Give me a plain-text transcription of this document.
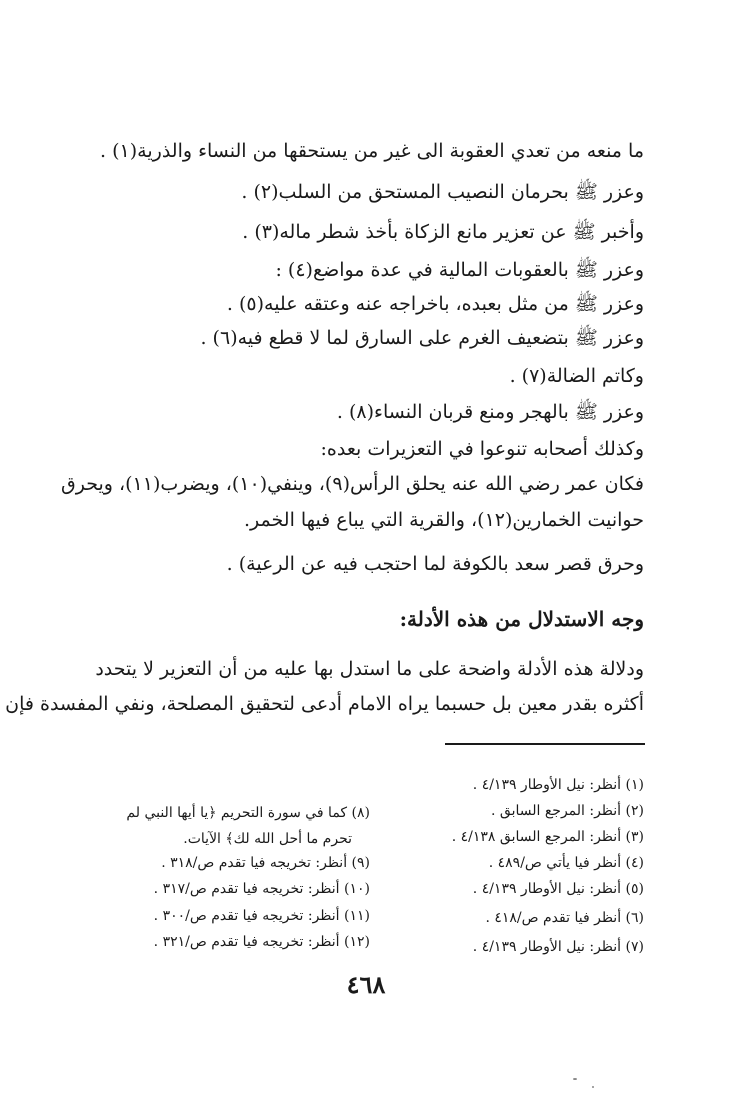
ما منعه من تعدي العقوبة الى غير من يستحقها من النساء والذرية(١) .
وعزر ﷺ بحرمان النصيب المستحق من السلب(٢) .
وأخبر ﷺ عن تعزير مانع الزكاة بأخذ شطر ماله(٣) .
وعزر ﷺ بالعقوبات المالية في عدة مواضع(٤) :
وعزر ﷺ من مثل بعبده، باخراجه عنه وعتقه عليه(٥) .
وعزر ﷺ بتضعيف الغرم على السارق لما لا قطع فيه(٦) .
وكاتم الضالة(٧) .
وعزر ﷺ بالهجر ومنع قربان النساء(٨) .
وكذلك أصحابه تنوعوا في التعزيرات بعده:
فكان عمر رضي الله عنه يحلق الرأس(٩)، وينفي(١٠)، ويضرب(١١)، ويحرق
حوانيت الخمارين(١٢)، والقرية التي يباع فيها الخمر.
وحرق قصر سعد بالكوفة لما احتجب فيه عن الرعية) .
وجه الاستدلال من هذه الأدلة:
ودلالة هذه الأدلة واضحة على ما استدل بها عليه من أن التعزير لا يتحدد
أكثره بقدر معين بل حسبما يراه الامام أدعى لتحقيق المصلحة، ونفي المفسدة فإن
(١) أنظر: نيل الأوطار ٤/١٣٩ .
(٢) أنظر: المرجع السابق .
(٣) أنظر: المرجع السابق ٤/١٣٨ .
(٤) أنظر فيا يأتي ص/٤٨٩ .
(٥) أنظر: نيل الأوطار ٤/١٣٩ .
(٦) أنظر فيا تقدم ص/٤١٨ .
(٧) أنظر: نيل الأوطار ٤/١٣٩ .
(٨) كما في سورة التحريم ﴿يا أيها النبي لم
تحرم ما أحل الله لك﴾ الآيات.
(٩) أنظر: تخريجه فيا تقدم ص/٣١٨ .
(١٠) أنظر: تخريجه فيا تقدم ص/٣١٧ .
(١١) أنظر: تخريجه فيا تقدم ص/٣٠٠ .
(١٢) أنظر: تخريجه فيا تقدم ص/٣٢١ .
٤٦٨
